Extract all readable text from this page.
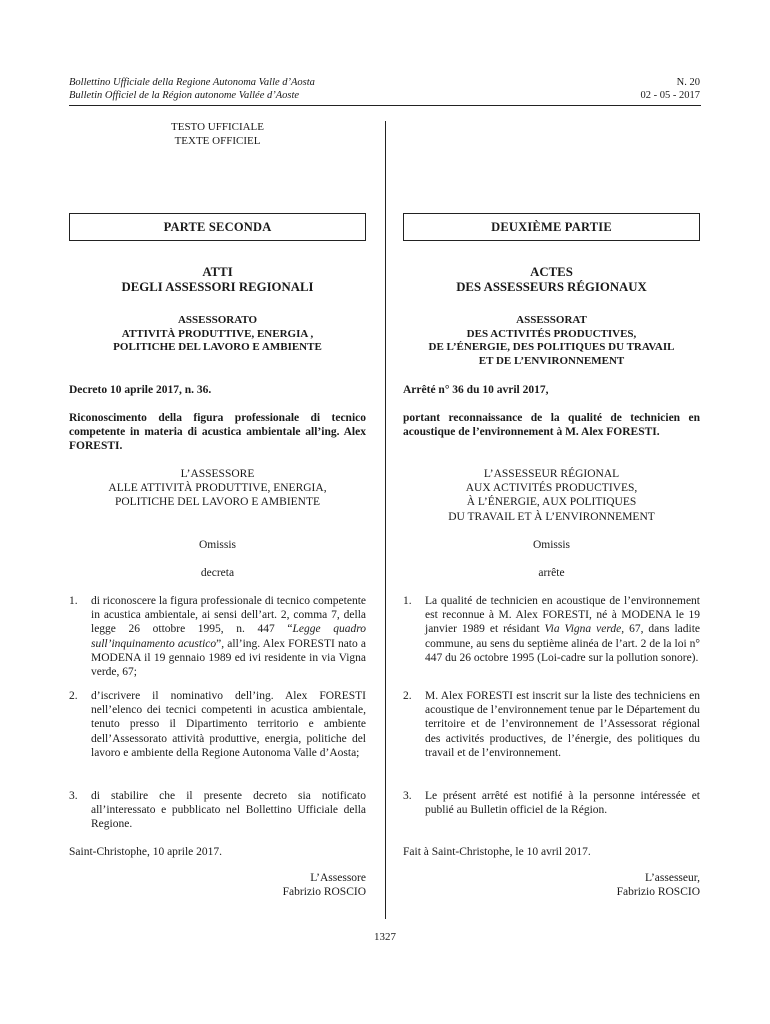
Bollettino Ufficiale della Regione Autonoma Valle d’Aosta
Bulletin Officiel de la Région autonome Vallée d’Aoste
N. 20
02 - 05 - 2017
TESTO UFFICIALE
TEXTE OFFICIEL
PARTE SECONDA
ATTI
DEGLI ASSESSORI REGIONALI
ASSESSORATO
ATTIVITÀ PRODUTTIVE, ENERGIA ,
POLITICHE DEL LAVORO E AMBIENTE
Decreto 10 aprile 2017, n. 36.
Riconoscimento della figura professionale di tecnico competente in materia di acustica ambientale all’ing. Alex FORESTI.
L’ASSESSORE
ALLE ATTIVITÀ PRODUTTIVE, ENERGIA,
POLITICHE DEL LAVORO E AMBIENTE
Omissis
decreta
1.	di riconoscere la figura professionale di tecnico competente in acustica ambientale, ai sensi dell’art. 2, comma 7, della legge 26 ottobre 1995, n. 447 “Legge quadro sull’inquinamento acustico”, all’ing. Alex FORESTI nato a MODENA il 19 gennaio 1989 ed ivi residente in via Vigna verde, 67;
2.	d’iscrivere il nominativo dell’ing. Alex FORESTI nell’elenco dei tecnici competenti in acustica ambientale, tenuto presso il Dipartimento territorio e ambiente dell’Assessorato attività produttive, energia, politiche del lavoro e ambiente della Regione Autonoma Valle d’Aosta;
3.	di stabilire che il presente decreto sia notificato all’interessato e pubblicato nel Bollettino Ufficiale della Regione.
Saint-Christophe, 10 aprile 2017.
L’Assessore
Fabrizio ROSCIO
DEUXIÈME PARTIE
ACTES
DES ASSESSEURS RÉGIONAUX
ASSESSORAT
DES ACTIVITÉS PRODUCTIVES,
DE L’ÉNERGIE, DES POLITIQUES DU TRAVAIL
ET DE L’ENVIRONNEMENT
Arrêté n° 36 du 10 avril 2017,
portant reconnaissance de la qualité de technicien en acoustique de l’environnement à M. Alex FORESTI.
L’ASSESSEUR RÉGIONAL
AUX ACTIVITÉS PRODUCTIVES,
À L’ÉNERGIE, AUX POLITIQUES
DU TRAVAIL ET À L’ENVIRONNEMENT
Omissis
arrête
1.	La qualité de technicien en acoustique de l’environnement est reconnue à M. Alex FORESTI, né à MODENA le 19 janvier 1989 et résidant Via Vigna verde, 67, dans ladite commune, au sens du septième alinéa de l’art. 2 de la loi n° 447 du 26 octobre 1995 (Loi-cadre sur la pollution sonore).
2.	M. Alex FORESTI est inscrit sur la liste des techniciens en acoustique de l’environnement tenue par le Département du territoire et de l’environnement de l’Assessorat régional des activités productives, de l’énergie, des politiques du travail et de l’environnement.
3.	Le présent arrêté est notifié à la personne intéressée et publié au Bulletin officiel de la Région.
Fait à Saint-Christophe, le 10 avril 2017.
L’assesseur,
Fabrizio ROSCIO
1327
